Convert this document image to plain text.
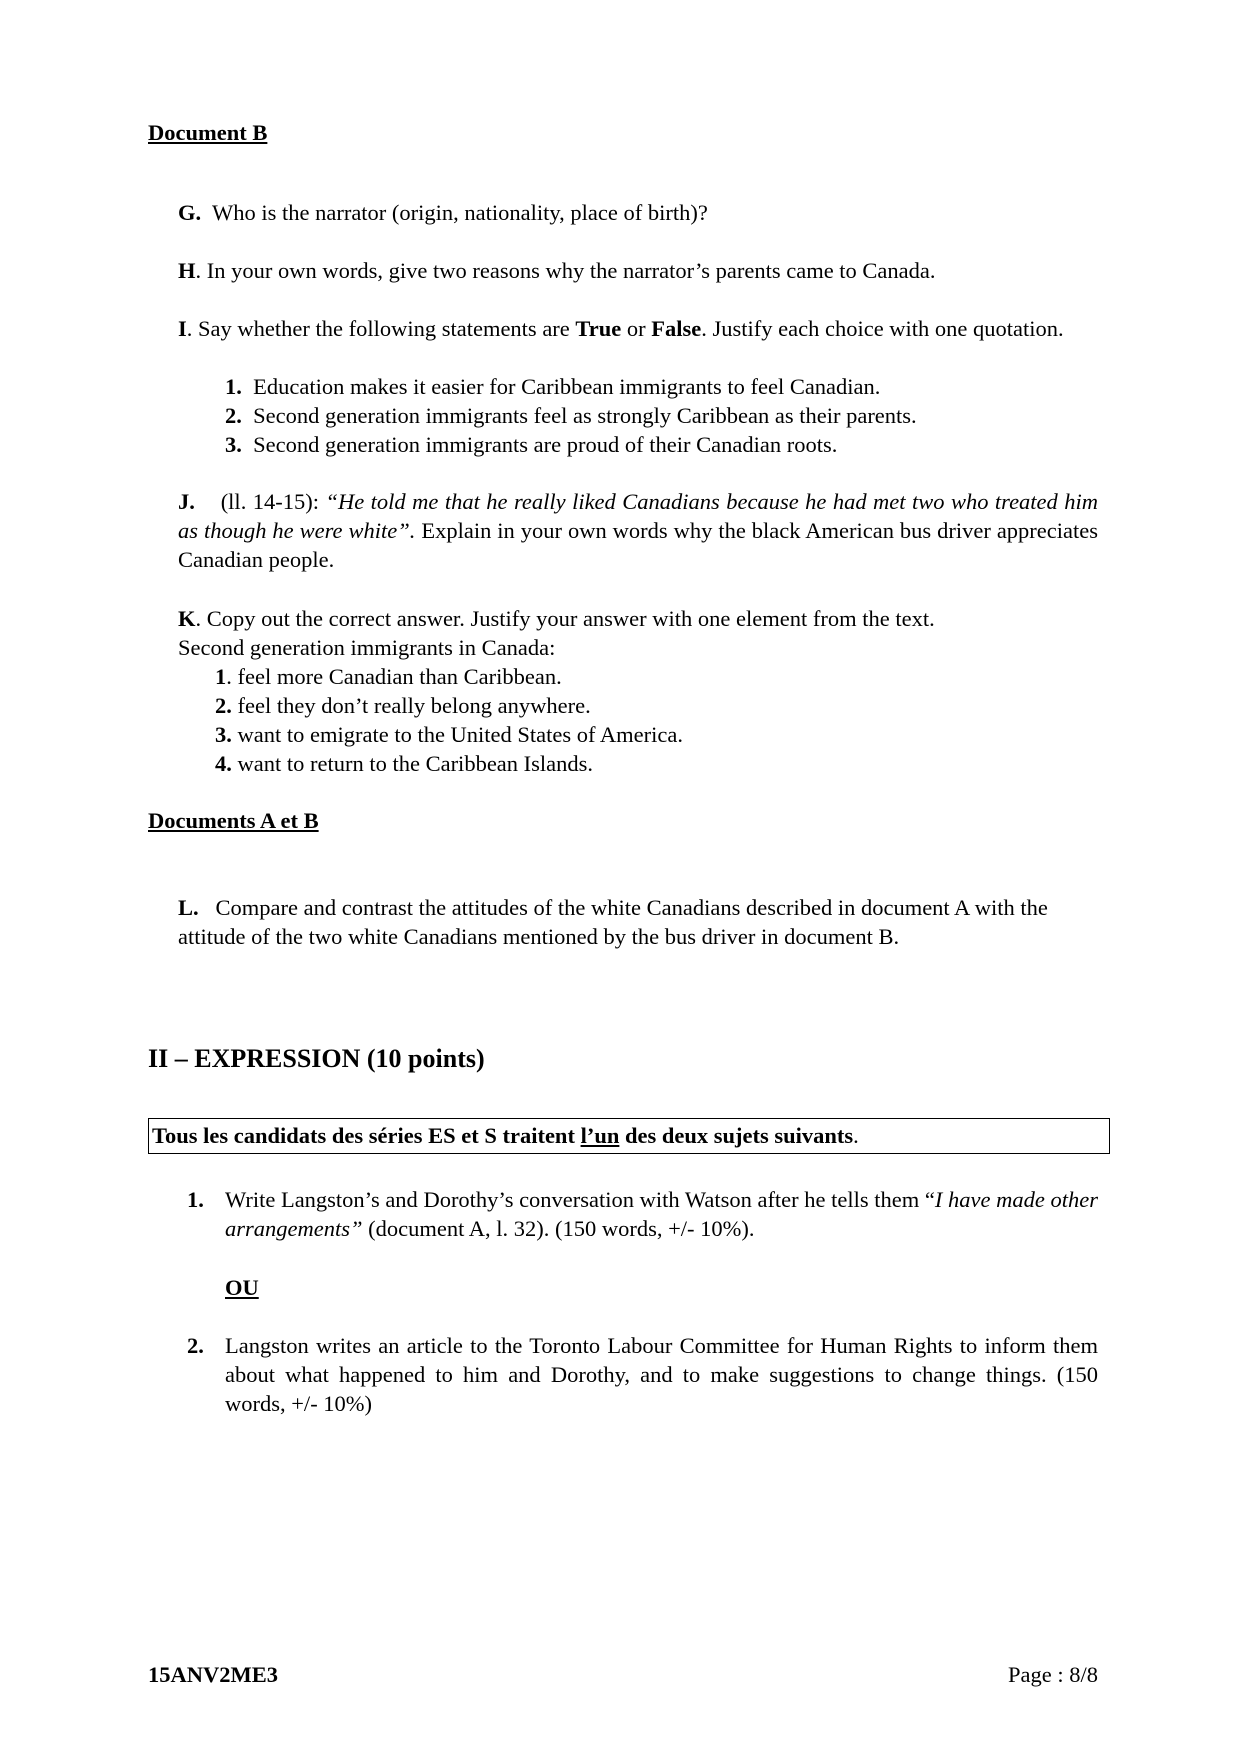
Document B

G. Who is the narrator (origin, nationality, place of birth)?

H. In your own words, give two reasons why the narrator’s parents came to Canada.

I. Say whether the following statements are True or False. Justify each choice with one quotation.

1. Education makes it easier for Caribbean immigrants to feel Canadian.
2. Second generation immigrants feel as strongly Caribbean as their parents.
3. Second generation immigrants are proud of their Canadian roots.

J.    (ll. 14-15): “He told me that he really liked Canadians because he had met two who treated him as though he were white”. Explain in your own words why the black American bus driver appreciates Canadian people.

K. Copy out the correct answer. Justify your answer with one element from the text.

Second generation immigrants in Canada:

1. feel more Canadian than Caribbean.
2. feel they don’t really belong anywhere.
3. want to emigrate to the United States of America.
4. want to return to the Caribbean Islands.

Documents A et B

L. Compare and contrast the attitudes of the white Canadians described in document A with the attitude of the two white Canadians mentioned by the bus driver in document B.

II – EXPRESSION (10 points)

Tous les candidats des séries ES et S traitent l’un des deux sujets suivants.

1. Write Langston’s and Dorothy’s conversation with Watson after he tells them “I have made other arrangements” (document A, l. 32). (150 words, +/- 10%).

OU

2. Langston writes an article to the Toronto Labour Committee for Human Rights to inform them about what happened to him and Dorothy, and to make suggestions to change things. (150 words, +/- 10%)

15ANV2ME3	Page : 8/8
